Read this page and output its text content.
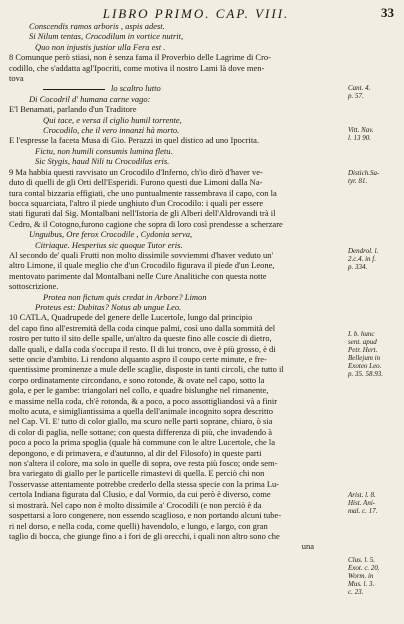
LIBRO PRIMO. CAP. VIII.	33

Conscendis ramos arboris , aspis adest.

Si Nilum tentas, Crocodilum in vortice nutrit,

Quo non injustis justior ulla Fera est .

8 Comunque però stiasi, non è senza fama il Proverbio delle Lagrime di Cro-

codillo, che s'addatta agl'Ipocriti, come motiva il nostro Lami là dove men-

tova

lo scaltro lutto

Di Cocodril d' humana carne vago:

E'l Benamati, parlando d'un Traditore

Qui tace, e versa il ciglio humil torrente,

Crocodilo, che il vero innanzi hà morto.

E l'espresse la faceta Musa di Gio. Perazzi in quel distico ad uno Ipocrita.

Fictu, non humili consumis lumina fletu.

Sic Stygis, haud Nili tu Crocodilus eris.

9 Ma habbia questi ravvisato un Crocodilo d'Inferno, ch'io dirò d'haver ve-

duto di quelli de gli Orti dell'Esperidi. Furono questi due Limoni dalla Na-

tura contal bizzaria effigiati, che uno puntualmente rassembrava il capo, con la

bocca squarciata, l'altro il piede unghiuto d'un Crocodilo: i quali per essere

stati figurati dal Sig. Montalbani nell'Istoria de gli Alberi dell'Aldrovandi trà il

Cedro, & il Cotogno,furono cagione che sopra di loro così prendesse a scherzare

Unguibus, Ore ferox Crocodile , Cydonia serva,

Citriaque. Hesperius sic quoque Tutor eris.

Al secondo de' quali Frutti non molto dissimile sovviemmi d'haver veduto un'

altro Limone, il quale meglio che d'un Crocodilo figurava il piede d'un Leone,

mentovato parimente dal Montalbani nelle Cure Analitiche con questa notte

sottoscrizione.

Protea non fictum quis credat in Arbore? Limon

Proteus est: Dubitas? Notus ab ungue Leo.

10 CATLA, Quadrupede del genere delle Lucertole, lungo dal principio

del capo fino all'estremità della coda cinque palmi, così uno dalla sommità del

rostro per tutto il sito delle spalle, un'altro da queste fino alle coscie di dietro,

dalle quali, e dalla coda s'occupa il resto. Il di lui tronco, ove è più grosso, è di

sette oncie d'ambito. Li rendono alquanto aspro il coupo certe minute, e fre-

quentissime prominenze a mule delle scaglie, disposte in tanti circoli, che tutto il

corpo ordinatamente circondano, e sono rotonde, & ovate nel capo, sotto la

gola, e per le gambe: triangolari nel collo, e quadre bislunghe nel rimanente,

e massime nella coda, ch'è rotonda, & a poco, a poco assottigliandosi và a finir

molto acuta, e simigliantissima a quella dell'animale incognito sopra descritto

nel Cap. VI. E' tutto di color giallo, ma scuro nelle parti soprane, chiaro, ò sia

di color di paglia, nelle sottane; con questa differenza di più, che invadendo à

poco a poco la prima spoglia (quale hà commune con le altre Lucertole, che la

depongono, e di primavera, e d'autunno, al dir del Filosofo) in queste parti

non s'altera il colore, ma solo in quelle di sopra, ove resta più fosco; onde sem-

bra variegato di giallo per le particelle rimastevi di quella. E perciò chi non

l'osservasse attentamente potrebbe crederlo della stessa specie con la prima Lu-

certola Indiana figurata dal Clusio, e dal Vormio, da cui però è diverso, come

si mostrarà. Nel capo non è molto dissimile a' Crocodili (e non perciò è da

sospettarsi a loro congenere, non essendo scaglioso, e non portando alcuni tube-

ri nel dorso, e nella coda, come quelli) havendolo, e lungo, e largo, con gran

taglio di bocca, che giunge fino a i fori de gli orecchi, i quali non altro sono che

una

Cant. 4.
p. 57.
Vitt. Nav.
l. 13 90.
Distich.Sa-
tyr. 81.
Dendrol. l.
2.c.4. in f.
p. 334.
I. b. hunc
sent. apud
Petr. Hert.
Bellejum in
Exoteo Leo.
p. 35. 58.93.
Arist. l. 8.
Hist. Ani-
mal. c. 17.
Clus. l. 5.
Exot. c. 20.
Worm. in
Mus. l. 3.
c. 23.
